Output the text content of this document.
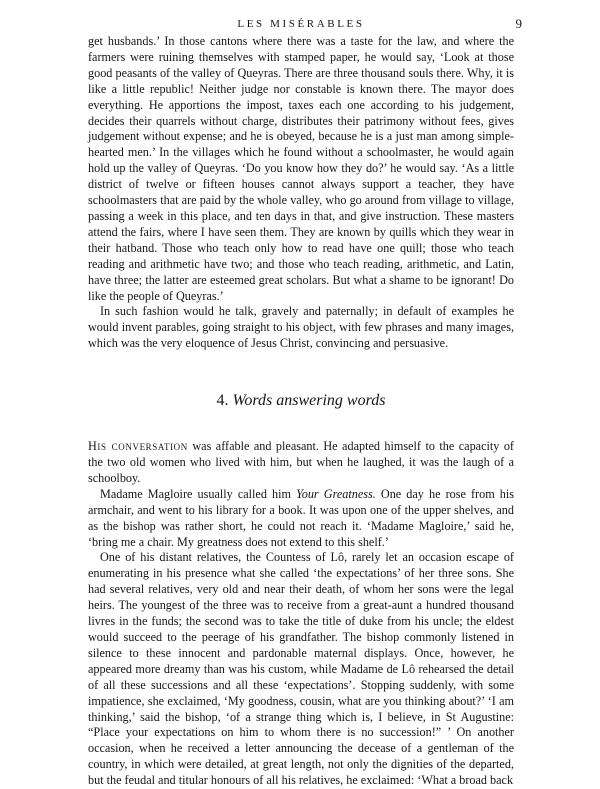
LES MISÉRABLES	9

get husbands.’ In those cantons where there was a taste for the law, and where the farmers were ruining themselves with stamped paper, he would say, ‘Look at those good peasants of the valley of Queyras. There are three thousand souls there. Why, it is like a little republic! Neither judge nor constable is known there. The mayor does everything. He apportions the impost, taxes each one according to his judgement, decides their quarrels without charge, distributes their patrimony without fees, gives judgement without expense; and he is obeyed, because he is a just man among simple-hearted men.’ In the villages which he found without a schoolmaster, he would again hold up the valley of Queyras. ‘Do you know how they do?’ he would say. ‘As a little district of twelve or fifteen houses cannot always support a teacher, they have schoolmasters that are paid by the whole valley, who go around from village to village, passing a week in this place, and ten days in that, and give instruction. These masters attend the fairs, where I have seen them. They are known by quills which they wear in their hatband. Those who teach only how to read have one quill; those who teach reading and arithmetic have two; and those who teach reading, arithmetic, and Latin, have three; the latter are esteemed great scholars. But what a shame to be ignorant! Do like the people of Queyras.’

In such fashion would he talk, gravely and paternally; in default of examples he would invent parables, going straight to his object, with few phrases and many images, which was the very eloquence of Jesus Christ, convincing and persuasive.

4. Words answering words

His conversation was affable and pleasant. He adapted himself to the capacity of the two old women who lived with him, but when he laughed, it was the laugh of a schoolboy.

Madame Magloire usually called him Your Greatness. One day he rose from his armchair, and went to his library for a book. It was upon one of the upper shelves, and as the bishop was rather short, he could not reach it. ‘Madame Magloire,’ said he, ‘bring me a chair. My greatness does not extend to this shelf.’

One of his distant relatives, the Countess of Lô, rarely let an occasion escape of enumerating in his presence what she called ‘the expectations’ of her three sons. She had several relatives, very old and near their death, of whom her sons were the legal heirs. The youngest of the three was to receive from a great-aunt a hundred thousand livres in the funds; the second was to take the title of duke from his uncle; the eldest would succeed to the peerage of his grandfather. The bishop commonly listened in silence to these innocent and pardonable maternal displays. Once, however, he appeared more dreamy than was his custom, while Madame de Lô rehearsed the detail of all these successions and all these ‘expectations’. Stopping suddenly, with some impatience, she exclaimed, ‘My goodness, cousin, what are you thinking about?’ ‘I am thinking,’ said the bishop, ‘of a strange thing which is, I believe, in St Augustine: “Place your expectations on him to whom there is no succession!” ’ On another occasion, when he received a letter announcing the decease of a gentleman of the country, in which were detailed, at great length, not only the dignities of the departed, but the feudal and titular honours of all his relatives, he exclaimed: ‘What a broad back
